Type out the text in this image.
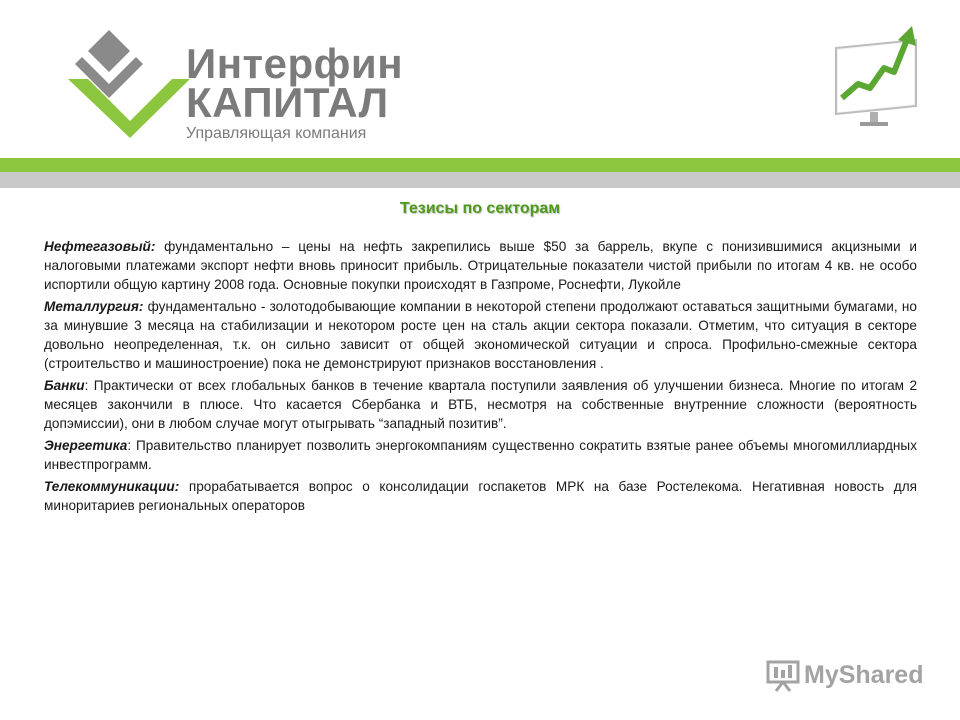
Интерфин
КАПИТАЛ
Управляющая компания
Тезисы по секторам

Нефтегазовый: фундаментально – цены на нефть закрепились выше $50 за баррель, вкупе с понизившимися акцизными и налоговыми платежами экспорт нефти вновь приносит прибыль. Отрицательные показатели чистой прибыли по итогам 4 кв. не особо испортили общую картину 2008 года. Основные покупки происходят в Газпроме, Роснефти, Лукойле

Металлургия: фундаментально - золотодобывающие компании в некоторой степени продолжают оставаться защитными бумагами, но за минувшие 3 месяца на стабилизации и некотором росте цен на сталь акции сектора показали. Отметим, что ситуация в секторе довольно неопределенная, т.к. он сильно зависит от общей экономической ситуации и спроса. Профильно-смежные сектора (строительство и машиностроение) пока не демонстрируют признаков восстановления .

Банки: Практически от всех глобальных банков в течение квартала поступили заявления об улучшении бизнеса. Многие по итогам 2 месяцев закончили в плюсе. Что касается Сбербанка и ВТБ, несмотря на собственные внутренние сложности (вероятность допэмиссии), они в любом случае могут отыгрывать “западный позитив”.

Энергетика: Правительство планирует позволить энергокомпаниям существенно сократить взятые ранее объемы многомиллиардных инвестпрограмм.

Телекоммуникации: прорабатывается вопрос о консолидации госпакетов МРК на базе Ростелекома. Негативная новость для миноритариев региональных операторов

MyShared
